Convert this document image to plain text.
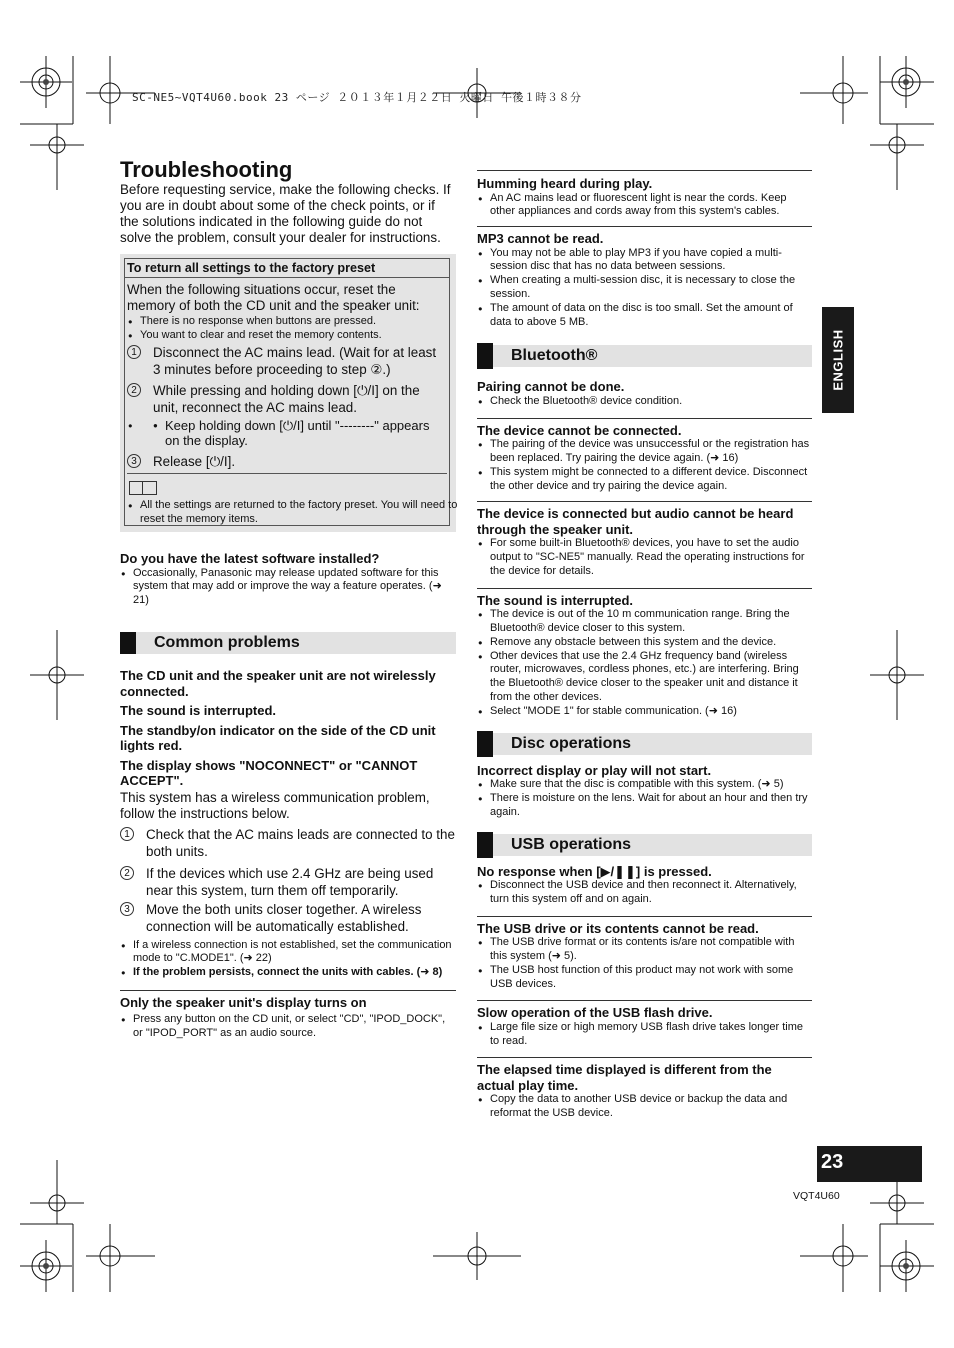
SC-NE5~VQT4U60.book 23 ページ ２０１３年１月２２日 火曜日 午後１時３８分
Troubleshooting

Before requesting service, make the following checks. If you are in doubt about some of the check points, or if the solutions indicated in the following guide do not solve the problem, consult your dealer for instructions.

To return all settings to the factory preset

When the following situations occur, reset the memory of both the CD unit and the speaker unit:

● There is no response when buttons are pressed.

● You want to clear and reset the memory contents.

1	Disconnect the AC mains lead. (Wait for at least 3 minutes before proceeding to step ②.)

2	While pressing and holding down [⏻/I] on the unit, reconnect the AC mains lead.

● ● Keep holding down [⏻/I] until "--------" appears on the display.

3	Release [⏻/I].

● All the settings are returned to the factory preset. You will need to reset the memory items.

Do you have the latest software installed?

● Occasionally, Panasonic may release updated software for this system that may add or improve the way a feature operates. (➜ 21)

Common problems

The CD unit and the speaker unit are not wirelessly connected.

The sound is interrupted.

The standby/on indicator on the side of the CD unit lights red.

The display shows "NOCONNECT" or "CANNOT ACCEPT".

This system has a wireless communication problem, follow the instructions below.

1	Check that the AC mains leads are connected to the both units.

2	If the devices which use 2.4 GHz are being used near this system, turn them off temporarily.

3	Move the both units closer together. A wireless connection will be automatically established.

● If a wireless connection is not established, set the communication mode to "C.MODE1". (➜ 22)

● If the problem persists, connect the units with cables. (➜ 8)

Only the speaker unit's display turns on

● Press any button on the CD unit, or select "CD", "IPOD_DOCK", or "IPOD_PORT" as an audio source.

Humming heard during play.

● An AC mains lead or fluorescent light is near the cords. Keep other appliances and cords away from this system's cables.

MP3 cannot be read.

● You may not be able to play MP3 if you have copied a multi-session disc that has no data between sessions.

● When creating a multi-session disc, it is necessary to close the session.

● The amount of data on the disc is too small. Set the amount of data to above 5 MB.

Bluetooth®

Pairing cannot be done.

● Check the Bluetooth® device condition.

The device cannot be connected.

● The pairing of the device was unsuccessful or the registration has been replaced. Try pairing the device again. (➜ 16)

● This system might be connected to a different device. Disconnect the other device and try pairing the device again.

The device is connected but audio cannot be heard through the speaker unit.

● For some built-in Bluetooth® devices, you have to set the audio output to "SC-NE5" manually. Read the operating instructions for the device for details.

The sound is interrupted.

● The device is out of the 10 m communication range. Bring the Bluetooth® device closer to this system.

● Remove any obstacle between this system and the device.

● Other devices that use the 2.4 GHz frequency band (wireless router, microwaves, cordless phones, etc.) are interfering. Bring the Bluetooth® device closer to the speaker unit and distance it from the other devices.

● Select "MODE 1" for stable communication. (➜ 16)

Disc operations

Incorrect display or play will not start.

● Make sure that the disc is compatible with this system. (➜ 5)

● There is moisture on the lens. Wait for about an hour and then try again.

USB operations

No response when [▶/❚❚] is pressed.

● Disconnect the USB device and then reconnect it. Alternatively, turn this system off and on again.

The USB drive or its contents cannot be read.

● The USB drive format or its contents is/are not compatible with this system (➜ 5).

● The USB host function of this product may not work with some USB devices.

Slow operation of the USB flash drive.

● Large file size or high memory USB flash drive takes longer time to read.

The elapsed time displayed is different from the actual play time.

● Copy the data to another USB device or backup the data and reformat the USB device.

ENGLISH
23
VQT4U60
